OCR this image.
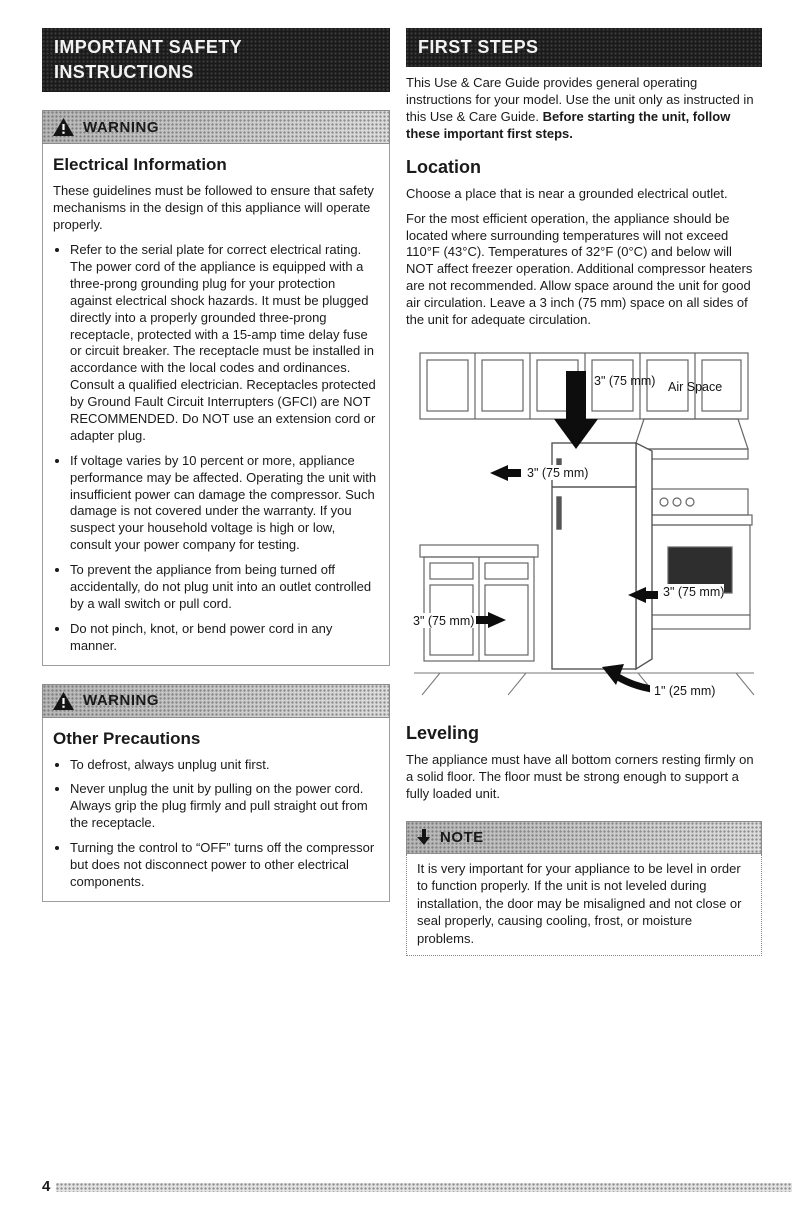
IMPORTANT SAFETY INSTRUCTIONS
WARNING
Electrical Information

These guidelines must be followed to ensure that safety mechanisms in the design of this appliance will operate properly.

• Refer to the serial plate for correct electrical rating. The power cord of the appliance is equipped with a three-prong grounding plug for your protection against electrical shock hazards. It must be plugged directly into a properly grounded three-prong receptacle, protected with a 15-amp time delay fuse or circuit breaker. The receptacle must be installed in accordance with the local codes and ordinances. Consult a qualified electrician. Receptacles protected by Ground Fault Circuit Interrupters (GFCI) are NOT RECOMMENDED. Do NOT use an extension cord or adapter plug.
• If voltage varies by 10 percent or more, appliance performance may be affected. Operating the unit with insufficient power can damage the compressor. Such damage is not covered under the warranty. If you suspect your household voltage is high or low, consult your power company for testing.
• To prevent the appliance from being turned off accidentally, do not plug unit into an outlet controlled by a wall switch or pull cord.
• Do not pinch, knot, or bend power cord in any manner.
WARNING
Other Precautions
• To defrost, always unplug unit first.
• Never unplug the unit by pulling on the power cord. Always grip the plug firmly and pull straight out from the receptacle.
• Turning the control to “OFF” turns off the compressor but does not disconnect power to other electrical components.
FIRST STEPS

This Use & Care Guide provides general operating instructions for your model. Use the unit only as instructed in this Use & Care Guide. Before starting the unit, follow these important first steps.

Location

Choose a place that is near a grounded electrical outlet.

For the most efficient operation, the appliance should be located where surrounding temperatures will not exceed 110°F (43°C). Temperatures of 32°F (0°C) and below will NOT affect freezer operation. Additional compressor heaters are not recommended. Allow space around the unit for good air circulation. Leave a 3 inch (75 mm) space on all sides of the unit for adequate circulation.

3" (75 mm) Air Space
3" (75 mm)
3" (75 mm)
3" (75 mm)
1" (25 mm)
Leveling

The appliance must have all bottom corners resting firmly on a solid floor. The floor must be strong enough to support a fully loaded unit.

NOTE
It is very important for your appliance to be level in order to function properly. If the unit is not leveled during installation, the door may be misaligned and not close or seal properly, causing cooling, frost, or moisture problems.
4
